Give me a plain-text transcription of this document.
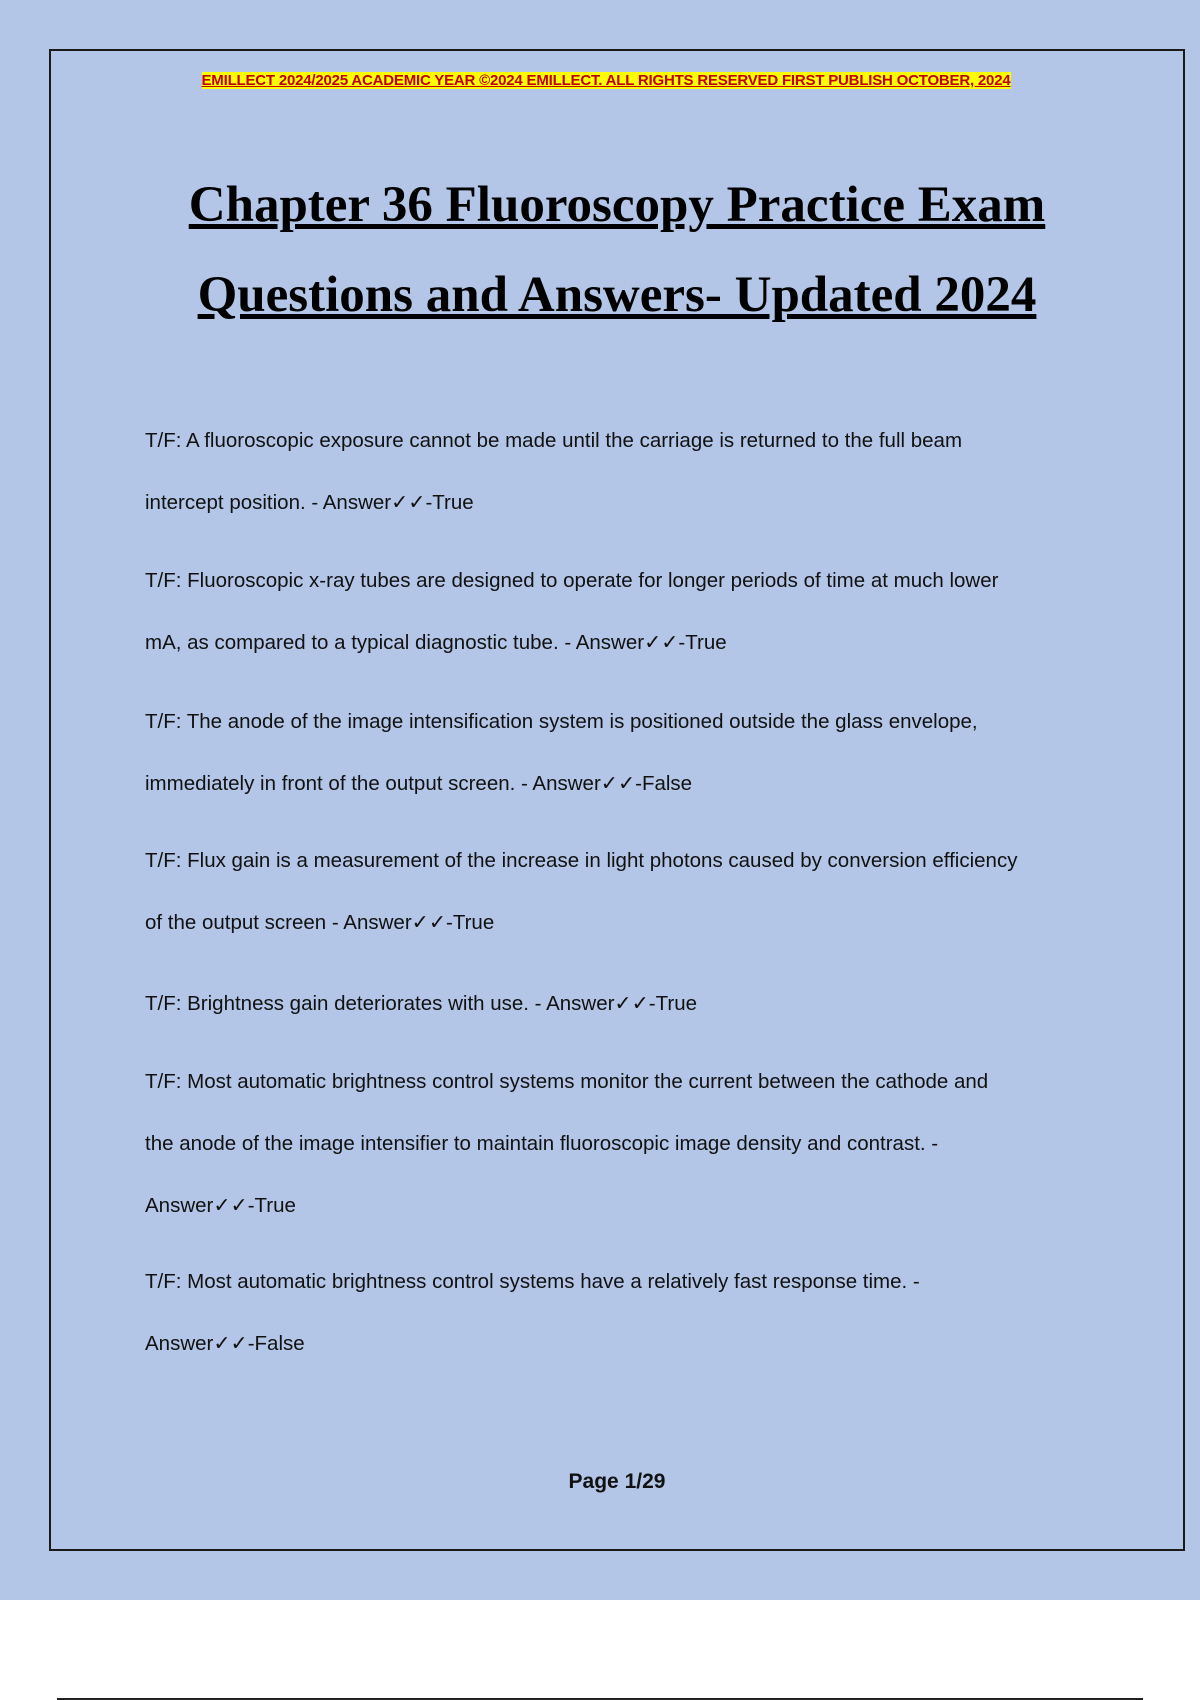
EMILLECT 2024/2025 ACADEMIC YEAR ©2024 EMILLECT. ALL RIGHTS RESERVED FIRST PUBLISH OCTOBER, 2024
Chapter 36 Fluoroscopy Practice Exam
Questions and Answers- Updated 2024
T/F: A fluoroscopic exposure cannot be made until the carriage is returned to the full beam
intercept position. - Answer✓✓-True
T/F: Fluoroscopic x-ray tubes are designed to operate for longer periods of time at much lower
mA, as compared to a typical diagnostic tube. - Answer✓✓-True
T/F: The anode of the image intensification system is positioned outside the glass envelope,
immediately in front of the output screen. - Answer✓✓-False
T/F: Flux gain is a measurement of the increase in light photons caused by conversion efficiency
of the output screen - Answer✓✓-True
T/F: Brightness gain deteriorates with use. - Answer✓✓-True
T/F: Most automatic brightness control systems monitor the current between the cathode and
the anode of the image intensifier to maintain fluoroscopic image density and contrast. -
Answer✓✓-True
T/F: Most automatic brightness control systems have a relatively fast response time. -
Answer✓✓-False
Page 1/29
